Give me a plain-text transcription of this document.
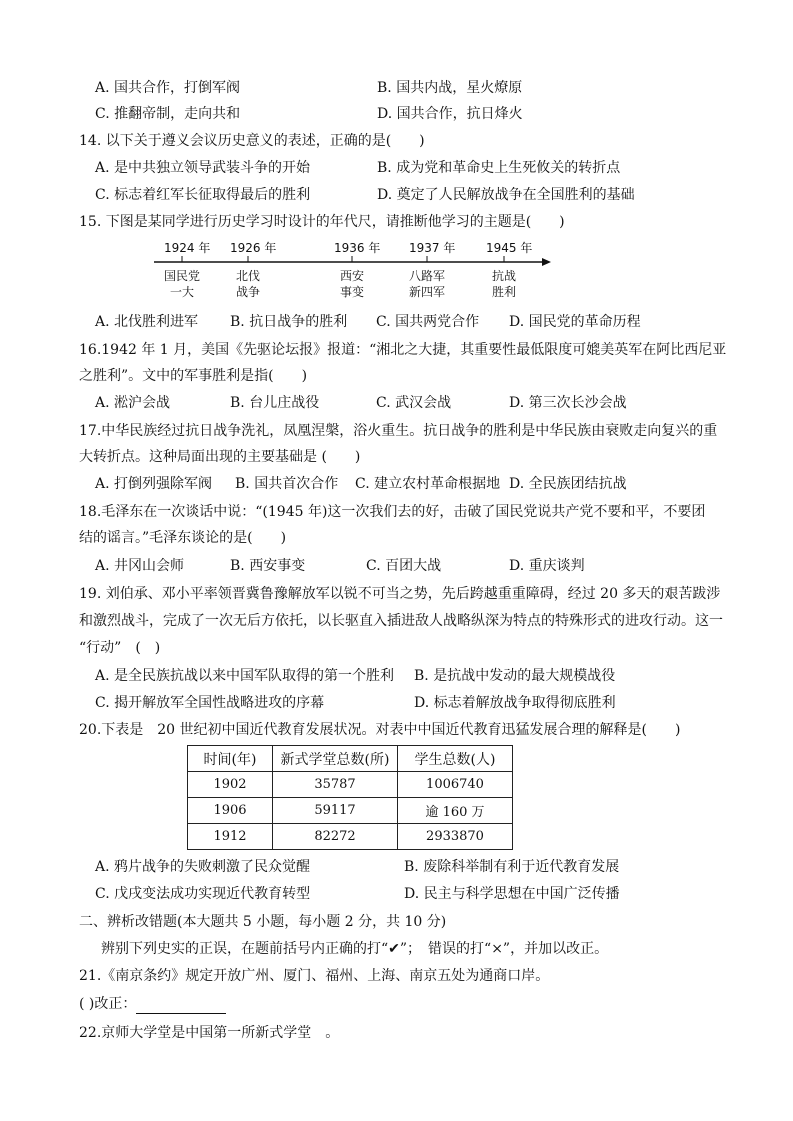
A. 国共合作，打倒军阀	B. 国共内战，星火燎原
C. 推翻帝制，走向共和	D. 国共合作，抗日烽火
14. 以下关于遵义会议历史意义的表述，正确的是(　　)
A. 是中共独立领导武装斗争的开始	B. 成为党和革命史上生死攸关的转折点
C. 标志着红军长征取得最后的胜利	D. 奠定了人民解放战争在全国胜利的基础
15. 下图是某同学进行历史学习时设计的年代尺，请推断他学习的主题是(　　)
1924 年 1926 年	1936 年 1937 年	1945 年
国民党
一大
北伐
战争
西安
事变
八路军
新四军
抗战
胜利
A. 北伐胜利进军 B. 抗日战争的胜利 C. 国共两党合作 D. 国民党的革命历程
16.1942 年 1 月，美国《先驱论坛报》报道：“湘北之大捷，其重要性最低限度可媲美英军在阿比西尼亚
之胜利”。文中的军事胜利是指(　　)
A. 淞沪会战	B. 台儿庄战役	C. 武汉会战	D. 第三次长沙会战
17.中华民族经过抗日战争洗礼，凤凰涅槃，浴火重生。抗日战争的胜利是中华民族由衰败走向复兴的重
大转折点。这种局面出现的主要基础是 (　　)
A. 打倒列强除军阀 B. 国共首次合作 C. 建立农村革命根据地 D. 全民族团结抗战
18.毛泽东在一次谈话中说：“(1945 年)这一次我们去的好，击破了国民党说共产党不要和平，不要团
结的谣言。”毛泽东谈论的是(　　)
A. 井冈山会师	B. 西安事变	C. 百团大战	D. 重庆谈判
19. 刘伯承、邓小平率领晋冀鲁豫解放军以锐不可当之势，先后跨越重重障碍，经过 20 多天的艰苦跋涉
和激烈战斗，完成了一次无后方依托，以长驱直入插进敌人战略纵深为特点的特殊形式的进攻行动。这一
“行动”　(　)
A. 是全民族抗战以来中国军队取得的第一个胜利 B. 是抗战中发动的最大规模战役
C. 揭开解放军全国性战略进攻的序幕	D. 标志着解放战争取得彻底胜利
20.下表是　20 世纪初中国近代教育发展状况。对表中中国近代教育迅猛发展合理的解释是(　　)
时间(年)	新式学堂总数(所)	学生总数(人)
1902	35787	1006740
1906	59117	逾 160 万
1912	82272	2933870
A. 鸦片战争的失败刺激了民众觉醒	B. 废除科举制有利于近代教育发展
C. 戊戌变法成功实现近代教育转型	D. 民主与科学思想在中国广泛传播
二、辨析改错题(本大题共 5 小题，每小题 2 分，共 10 分)
辨别下列史实的正误，在题前括号内正确的打“✔”；　错误的打“×”，并加以改正。
21.《南京条约》规定开放广州、厦门、福州、上海、南京五处为通商口岸。
( )改正：
22.京师大学堂是中国第一所新式学堂　。
